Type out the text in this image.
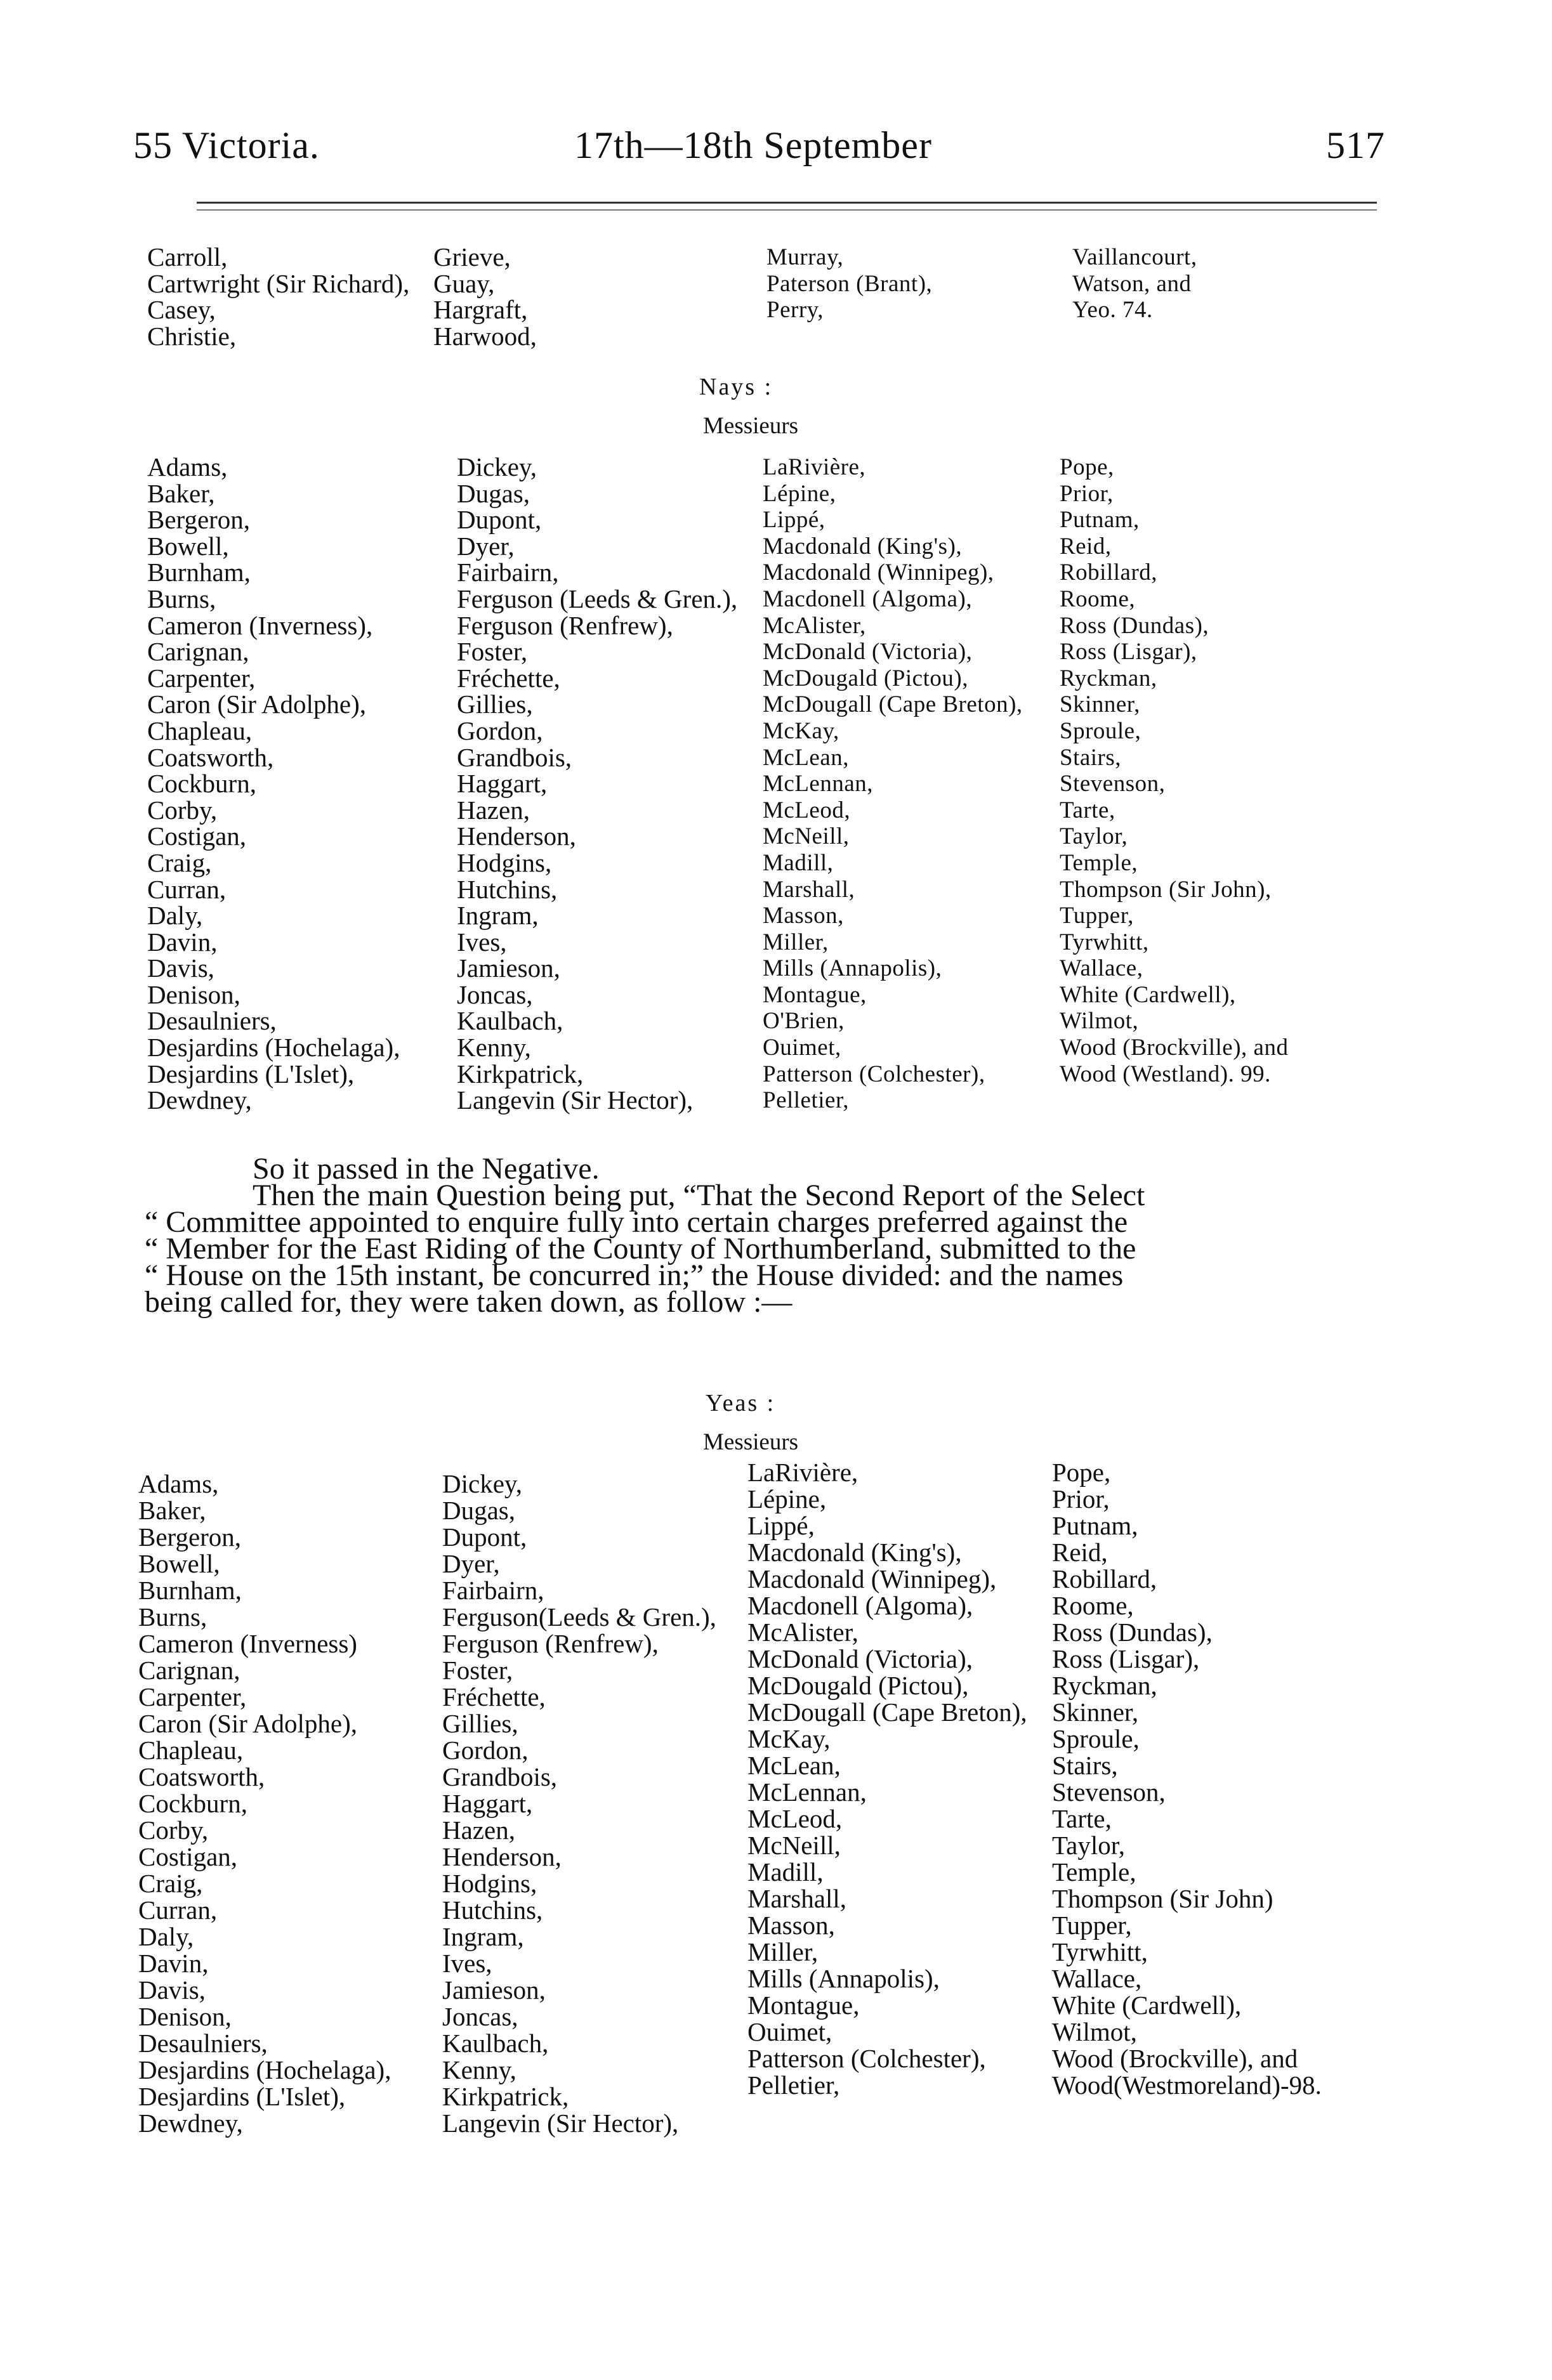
55 Victoria.	17th—18th September	517
Carroll,
Cartwright (Sir Richard),
Casey,
Christie,
Grieve,
Guay,
Hargraft,
Harwood,
Murray,
Paterson (Brant),
Perry,
Vaillancourt,
Watson, and
Yeo. 74.
Nays :
Messieurs
Adams,
Baker,
Bergeron,
Bowell,
Burnham,
Burns,
Cameron (Inverness),
Carignan,
Carpenter,
Caron (Sir Adolphe),
Chapleau,
Coatsworth,
Cockburn,
Corby,
Costigan,
Craig,
Curran,
Daly,
Davin,
Davis,
Denison,
Desaulniers,
Desjardins (Hochelaga),
Desjardins (L'Islet),
Dewdney,
Dickey,
Dugas,
Dupont,
Dyer,
Fairbairn,
Ferguson (Leeds & Gren.),
Ferguson (Renfrew),
Foster,
Fréchette,
Gillies,
Gordon,
Grandbois,
Haggart,
Hazen,
Henderson,
Hodgins,
Hutchins,
Ingram,
Ives,
Jamieson,
Joncas,
Kaulbach,
Kenny,
Kirkpatrick,
Langevin (Sir Hector),
LaRivière,
Lépine,
Lippé,
Macdonald (King's),
Macdonald (Winnipeg),
Macdonell (Algoma),
McAlister,
McDonald (Victoria),
McDougald (Pictou),
McDougall (Cape Breton),
McKay,
McLean,
McLennan,
McLeod,
McNeill,
Madill,
Marshall,
Masson,
Miller,
Mills (Annapolis),
Montague,
O'Brien,
Ouimet,
Patterson (Colchester),
Pelletier,
Pope,
Prior,
Putnam,
Reid,
Robillard,
Roome,
Ross (Dundas),
Ross (Lisgar),
Ryckman,
Skinner,
Sproule,
Stairs,
Stevenson,
Tarte,
Taylor,
Temple,
Thompson (Sir John),
Tupper,
Tyrwhitt,
Wallace,
White (Cardwell),
Wilmot,
Wood (Brockville), and
Wood (Westland). 99.
So it passed in the Negative.
Then the main Question being put, “That the Second Report of the Select
“ Committee appointed to enquire fully into certain charges preferred against the
“ Member for the East Riding of the County of Northumberland, submitted to the
“ House on the 15th instant, be concurred in;” the House divided: and the names
being called for, they were taken down, as follow :—
Yeas :
Messieurs
Adams,
Baker,
Bergeron,
Bowell,
Burnham,
Burns,
Cameron (Inverness)
Carignan,
Carpenter,
Caron (Sir Adolphe),
Chapleau,
Coatsworth,
Cockburn,
Corby,
Costigan,
Craig,
Curran,
Daly,
Davin,
Davis,
Denison,
Desaulniers,
Desjardins (Hochelaga),
Desjardins (L'Islet),
Dewdney,
Dickey,
Dugas,
Dupont,
Dyer,
Fairbairn,
Ferguson(Leeds & Gren.),
Ferguson (Renfrew),
Foster,
Fréchette,
Gillies,
Gordon,
Grandbois,
Haggart,
Hazen,
Henderson,
Hodgins,
Hutchins,
Ingram,
Ives,
Jamieson,
Joncas,
Kaulbach,
Kenny,
Kirkpatrick,
Langevin (Sir Hector),
LaRivière,
Lépine,
Lippé,
Macdonald (King's),
Macdonald (Winnipeg),
Macdonell (Algoma),
McAlister,
McDonald (Victoria),
McDougald (Pictou),
McDougall (Cape Breton),
McKay,
McLean,
McLennan,
McLeod,
McNeill,
Madill,
Marshall,
Masson,
Miller,
Mills (Annapolis),
Montague,
Ouimet,
Patterson (Colchester),
Pelletier,
Pope,
Prior,
Putnam,
Reid,
Robillard,
Roome,
Ross (Dundas),
Ross (Lisgar),
Ryckman,
Skinner,
Sproule,
Stairs,
Stevenson,
Tarte,
Taylor,
Temple,
Thompson (Sir John)
Tupper,
Tyrwhitt,
Wallace,
White (Cardwell),
Wilmot,
Wood (Brockville), and
Wood(Westmoreland)-98.
